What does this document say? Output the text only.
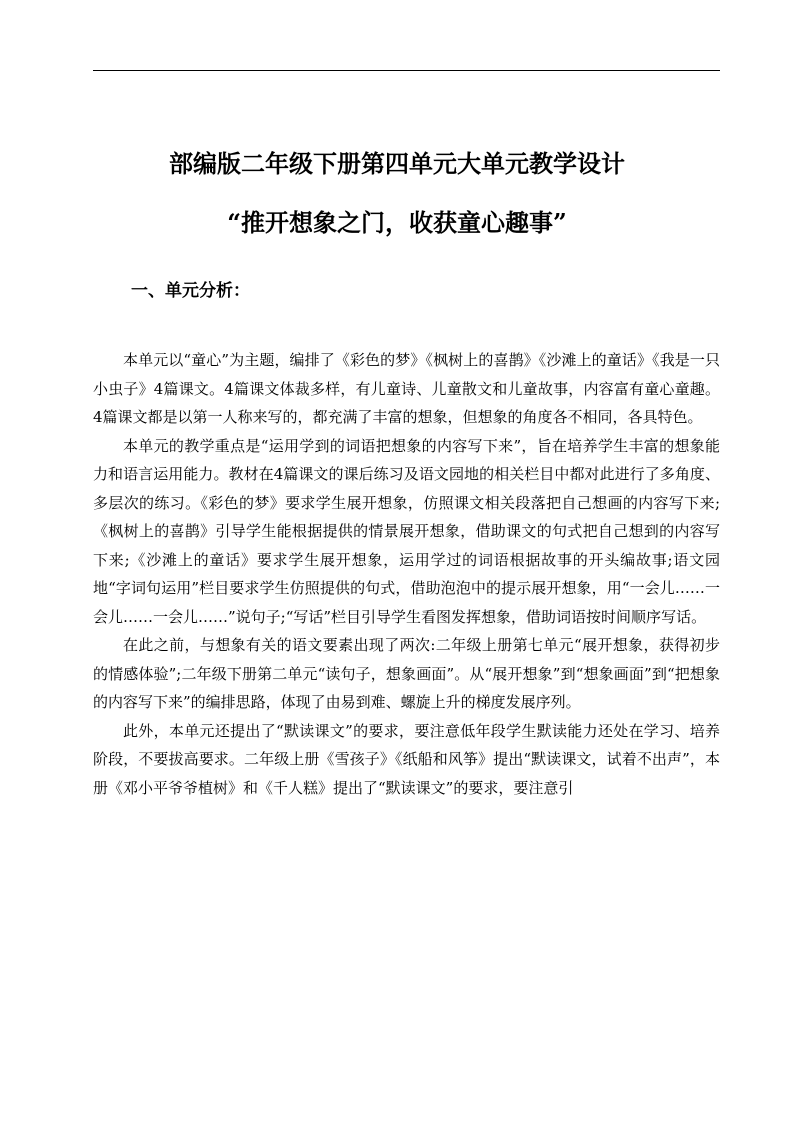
部编版二年级下册第四单元大单元教学设计
“推开想象之门，收获童心趣事”
一、单元分析：

本单元以“童心”为主题，编排了《彩色的梦》《枫树上的喜鹊》《沙滩上的童话》《我是一只小虫子》4篇课文。4篇课文体裁多样，有儿童诗、儿童散文和儿童故事，内容富有童心童趣。4篇课文都是以第一人称来写的，都充满了丰富的想象，但想象的角度各不相同，各具特色。

本单元的教学重点是“运用学到的词语把想象的内容写下来”，旨在培养学生丰富的想象能力和语言运用能力。教材在4篇课文的课后练习及语文园地的相关栏目中都对此进行了多角度、多层次的练习。《彩色的梦》要求学生展开想象，仿照课文相关段落把自己想画的内容写下来;《枫树上的喜鹊》引导学生能根据提供的情景展开想象，借助课文的句式把自己想到的内容写下来;《沙滩上的童话》要求学生展开想象，运用学过的词语根据故事的开头编故事;语文园地“字词句运用”栏目要求学生仿照提供的句式，借助泡泡中的提示展开想象，用“一会儿……一会儿……一会儿……”说句子;“写话”栏目引导学生看图发挥想象，借助词语按时间顺序写话。

在此之前，与想象有关的语文要素出现了两次:二年级上册第七单元“展开想象，获得初步的情感体验”;二年级下册第二单元“读句子，想象画面”。从“展开想象”到“想象画面”到“把想象的内容写下来”的编排思路，体现了由易到难、螺旋上升的梯度发展序列。

此外，本单元还提出了“默读课文”的要求，要注意低年段学生默读能力还处在学习、培养阶段，不要拔高要求。二年级上册《雪孩子》《纸船和风筝》提出“默读课文，试着不出声”，本册《邓小平爷爷植树》和《千人糕》提出了“默读课文”的要求，要注意引
